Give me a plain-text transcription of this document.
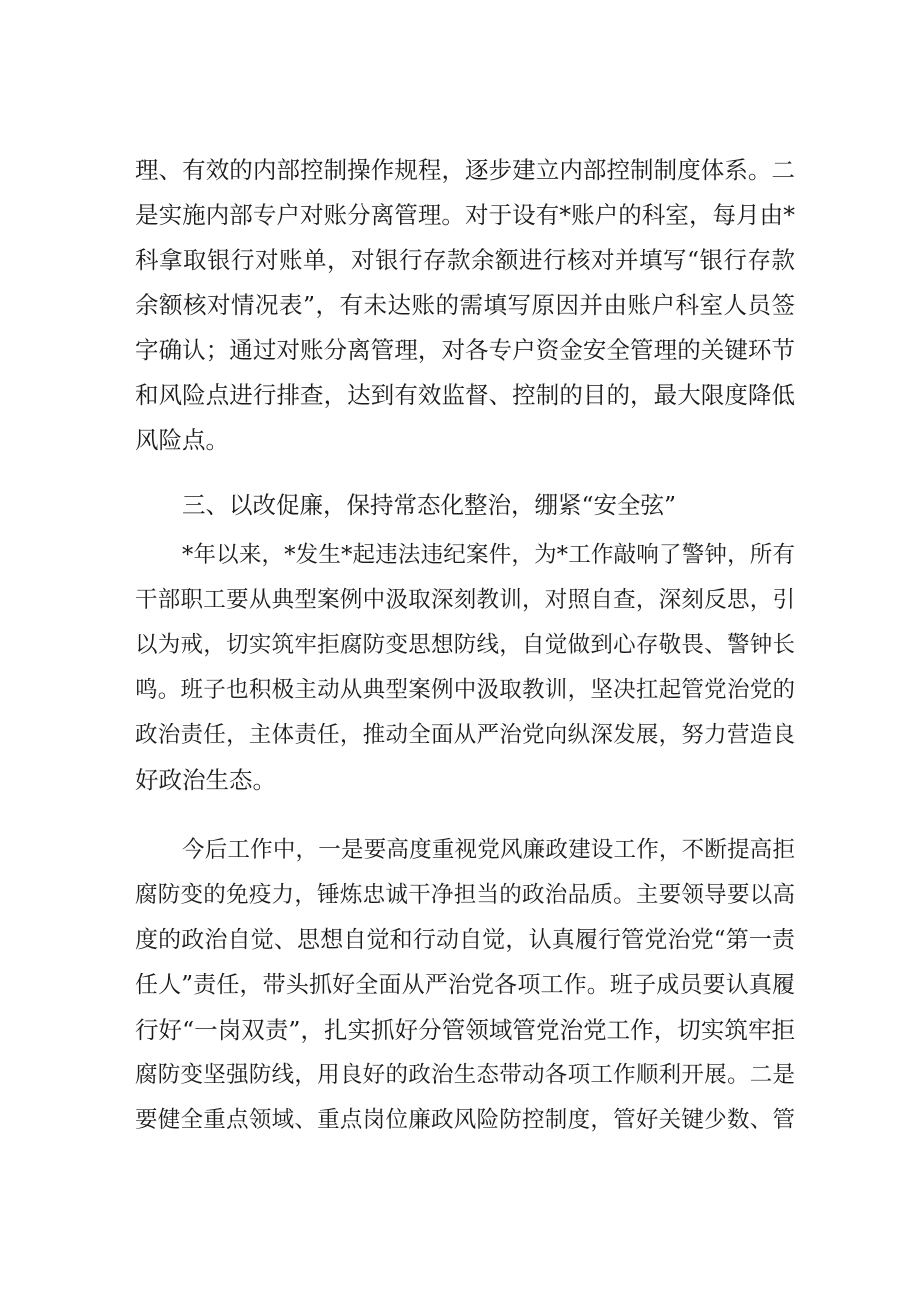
理、有效的内部控制操作规程，逐步建立内部控制制度体系。二
是实施内部专户对账分离管理。对于设有*账户的科室，每月由*
科拿取银行对账单，对银行存款余额进行核对并填写“银行存款
余额核对情况表”，有未达账的需填写原因并由账户科室人员签
字确认；通过对账分离管理，对各专户资金安全管理的关键环节
和风险点进行排查，达到有效监督、控制的目的，最大限度降低
风险点。
三、以改促廉，保持常态化整治，绷紧“安全弦”
*年以来，*发生*起违法违纪案件，为*工作敲响了警钟，所有
干部职工要从典型案例中汲取深刻教训，对照自查，深刻反思，引
以为戒，切实筑牢拒腐防变思想防线，自觉做到心存敬畏、警钟长
鸣。班子也积极主动从典型案例中汲取教训，坚决扛起管党治党的
政治责任，主体责任，推动全面从严治党向纵深发展，努力营造良
好政治生态。
今后工作中，一是要高度重视党风廉政建设工作，不断提高拒
腐防变的免疫力，锤炼忠诚干净担当的政治品质。主要领导要以高
度的政治自觉、思想自觉和行动自觉，认真履行管党治党“第一责
任人”责任，带头抓好全面从严治党各项工作。班子成员要认真履
行好“一岗双责”，扎实抓好分管领域管党治党工作，切实筑牢拒
腐防变坚强防线，用良好的政治生态带动各项工作顺利开展。二是
要健全重点领域、重点岗位廉政风险防控制度，管好关键少数、管
